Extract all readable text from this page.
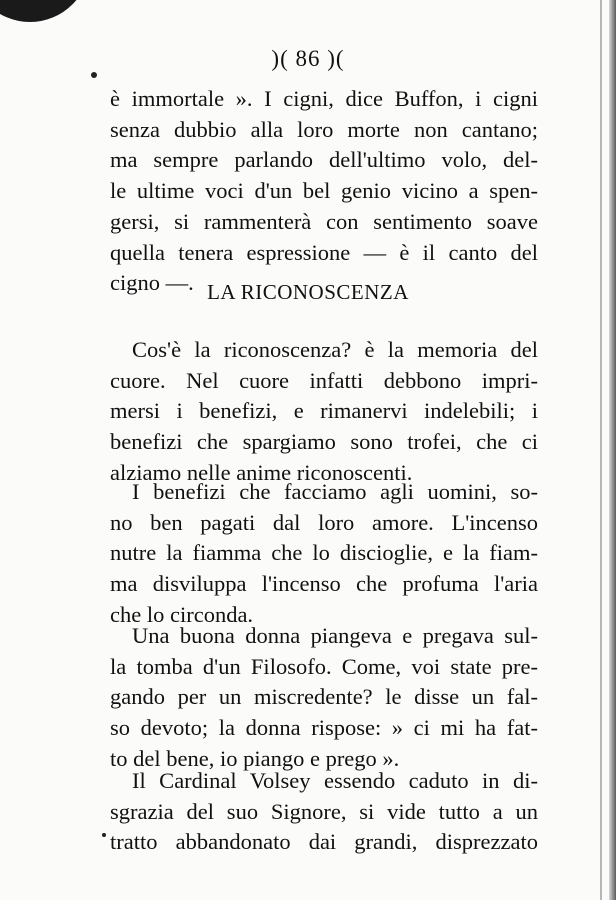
)( 86 )(
è immortale ». I cigni, dice Buffon, i cigni
senza dubbio alla loro morte non cantano;
ma sempre parlando dell'ultimo volo, del-
le ultime voci d'un bel genio vicino a spen-
gersi, si rammenterà con sentimento soave
quella tenera espressione — è il canto del
cigno —. LA RICONOSCENZA
Cos'è la riconoscenza? è la memoria del
cuore. Nel cuore infatti debbono impri-
mersi i benefizi, e rimanervi indelebili; i
benefizi che spargiamo sono trofei, che ci
alziamo nelle anime riconoscenti.
I benefizi che facciamo agli uomini, so-
no ben pagati dal loro amore. L'incenso
nutre la fiamma che lo discioglie, e la fiam-
ma disviluppa l'incenso che profuma l'aria
che lo circonda.
Una buona donna piangeva e pregava sul-
la tomba d'un Filosofo. Come, voi state pre-
gando per un miscredente? le disse un fal-
so devoto; la donna rispose: » ci mi ha fat-
to del bene, io piango e prego ».
Il Cardinal Volsey essendo caduto in di-
sgrazia del suo Signore, si vide tutto a un
tratto abbandonato dai grandi, disprezzato
